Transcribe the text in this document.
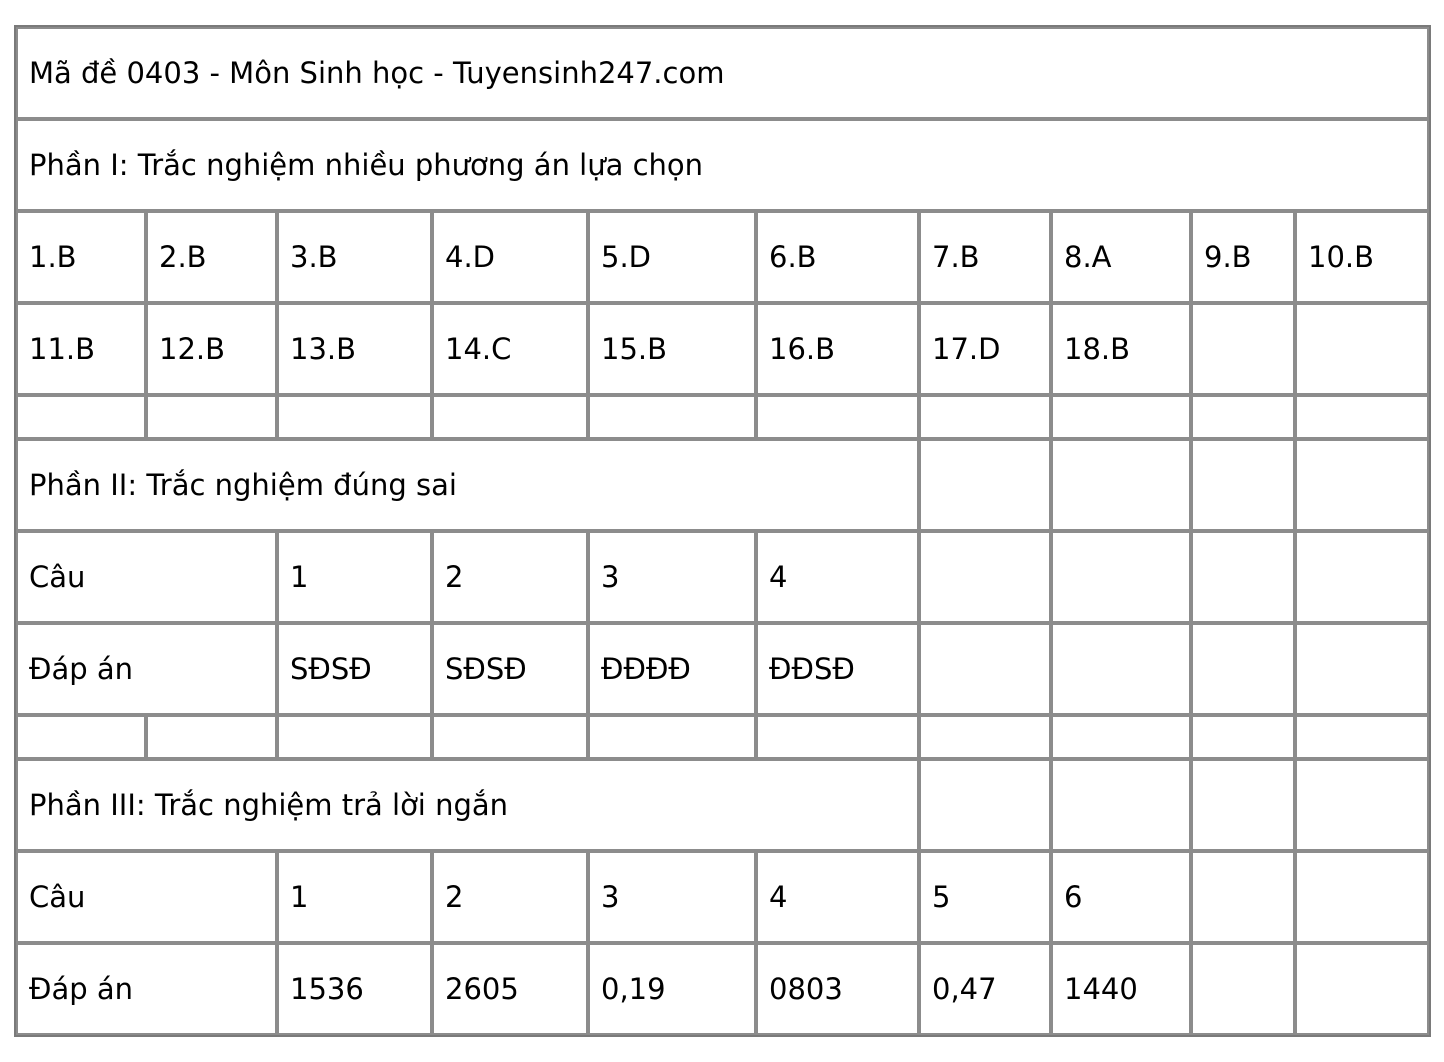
Mã đề 0403 - Môn Sinh học - Tuyensinh247.com									
Phần I: Trắc nghiệm nhiều phương án lựa chọn									
1.B	2.B	3.B	4.D	5.D	6.B	7.B	8.A	9.B	10.B
11.B	12.B	13.B	14.C	15.B	16.B	17.D	18.B		

Phần II: Trắc nghiệm đúng sai									
Câu		1	2	3	4				
Đáp án		SĐSĐ	SĐSĐ	ĐĐĐĐ	ĐĐSĐ				

Phần III: Trắc nghiệm trả lời ngắn									
Câu		1	2	3	4	5	6		
Đáp án		1536	2605	0,19	0803	0,47	1440		
